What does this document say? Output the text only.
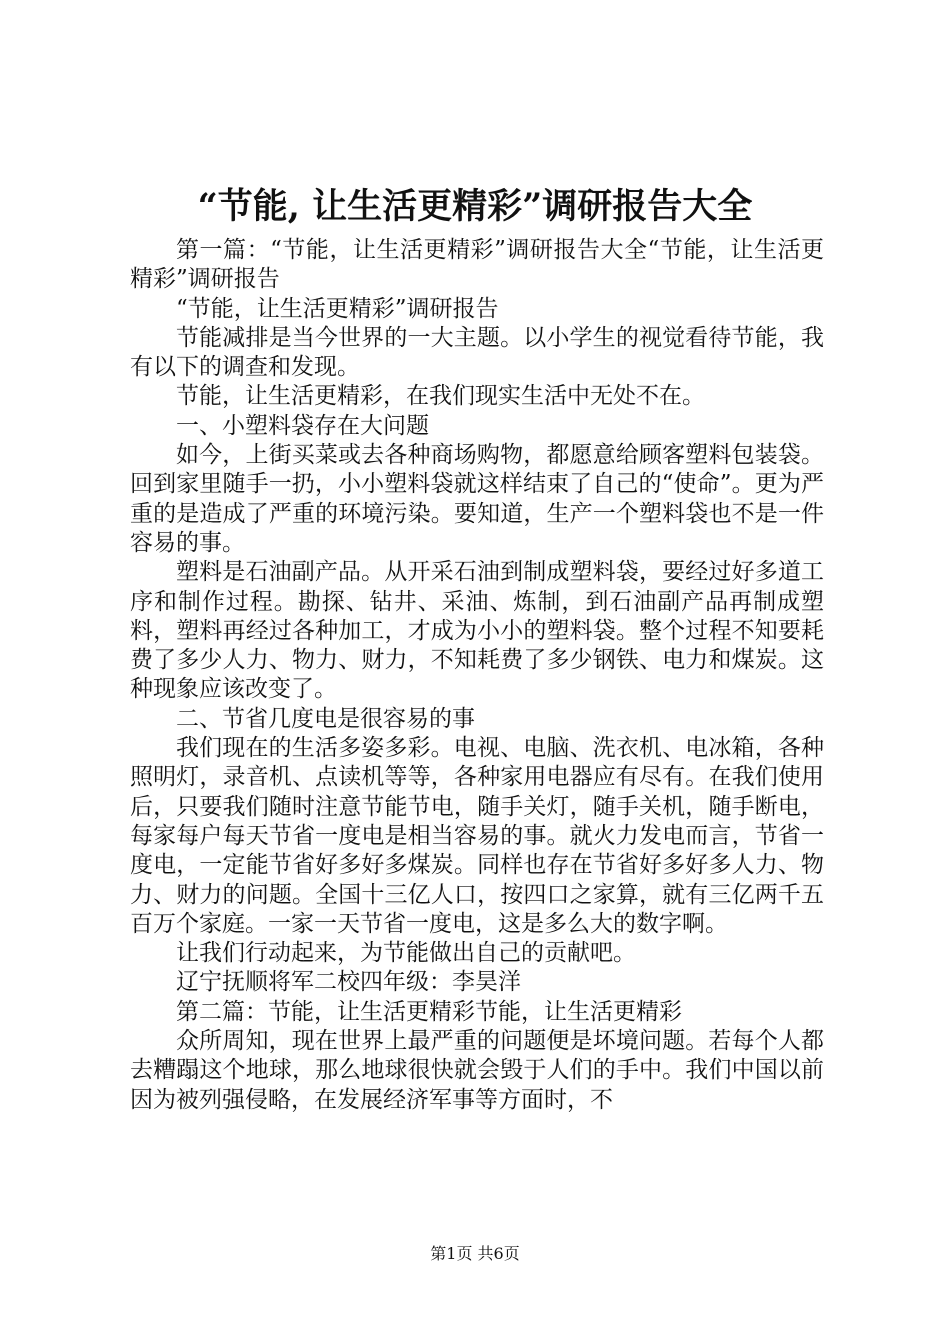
“节能, 让生活更精彩”调研报告大全

第一篇：“节能，让生活更精彩”调研报告大全“节能，让生活更精彩”调研报告

“节能，让生活更精彩”调研报告

节能减排是当今世界的一大主题。以小学生的视觉看待节能，我有以下的调查和发现。

节能，让生活更精彩，在我们现实生活中无处不在。

一、小塑料袋存在大问题

如今，上街买菜或去各种商场购物，都愿意给顾客塑料包装袋。回到家里随手一扔，小小塑料袋就这样结束了自己的“使命”。更为严重的是造成了严重的环境污染。要知道，生产一个塑料袋也不是一件容易的事。

塑料是石油副产品。从开采石油到制成塑料袋，要经过好多道工序和制作过程。勘探、钻井、采油、炼制，到石油副产品再制成塑料，塑料再经过各种加工，才成为小小的塑料袋。整个过程不知要耗费了多少人力、物力、财力，不知耗费了多少钢铁、电力和煤炭。这种现象应该改变了。

二、节省几度电是很容易的事

我们现在的生活多姿多彩。电视、电脑、洗衣机、电冰箱，各种照明灯，录音机、点读机等等，各种家用电器应有尽有。在我们使用后，只要我们随时注意节能节电，随手关灯，随手关机，随手断电，每家每户每天节省一度电是相当容易的事。就火力发电而言，节省一度电，一定能节省好多好多煤炭。同样也存在节省好多好多人力、物力、财力的问题。全国十三亿人口，按四口之家算，就有三亿两千五百万个家庭。一家一天节省一度电，这是多么大的数字啊。

让我们行动起来，为节能做出自己的贡献吧。

辽宁抚顺将军二校四年级：李昊洋

第二篇：节能，让生活更精彩节能，让生活更精彩

众所周知，现在世界上最严重的问题便是坏境问题。若每个人都去糟蹋这个地球，那么地球很快就会毁于人们的手中。我们中国以前因为被列强侵略，在发展经济军事等方面时，不

第1页 共6页
